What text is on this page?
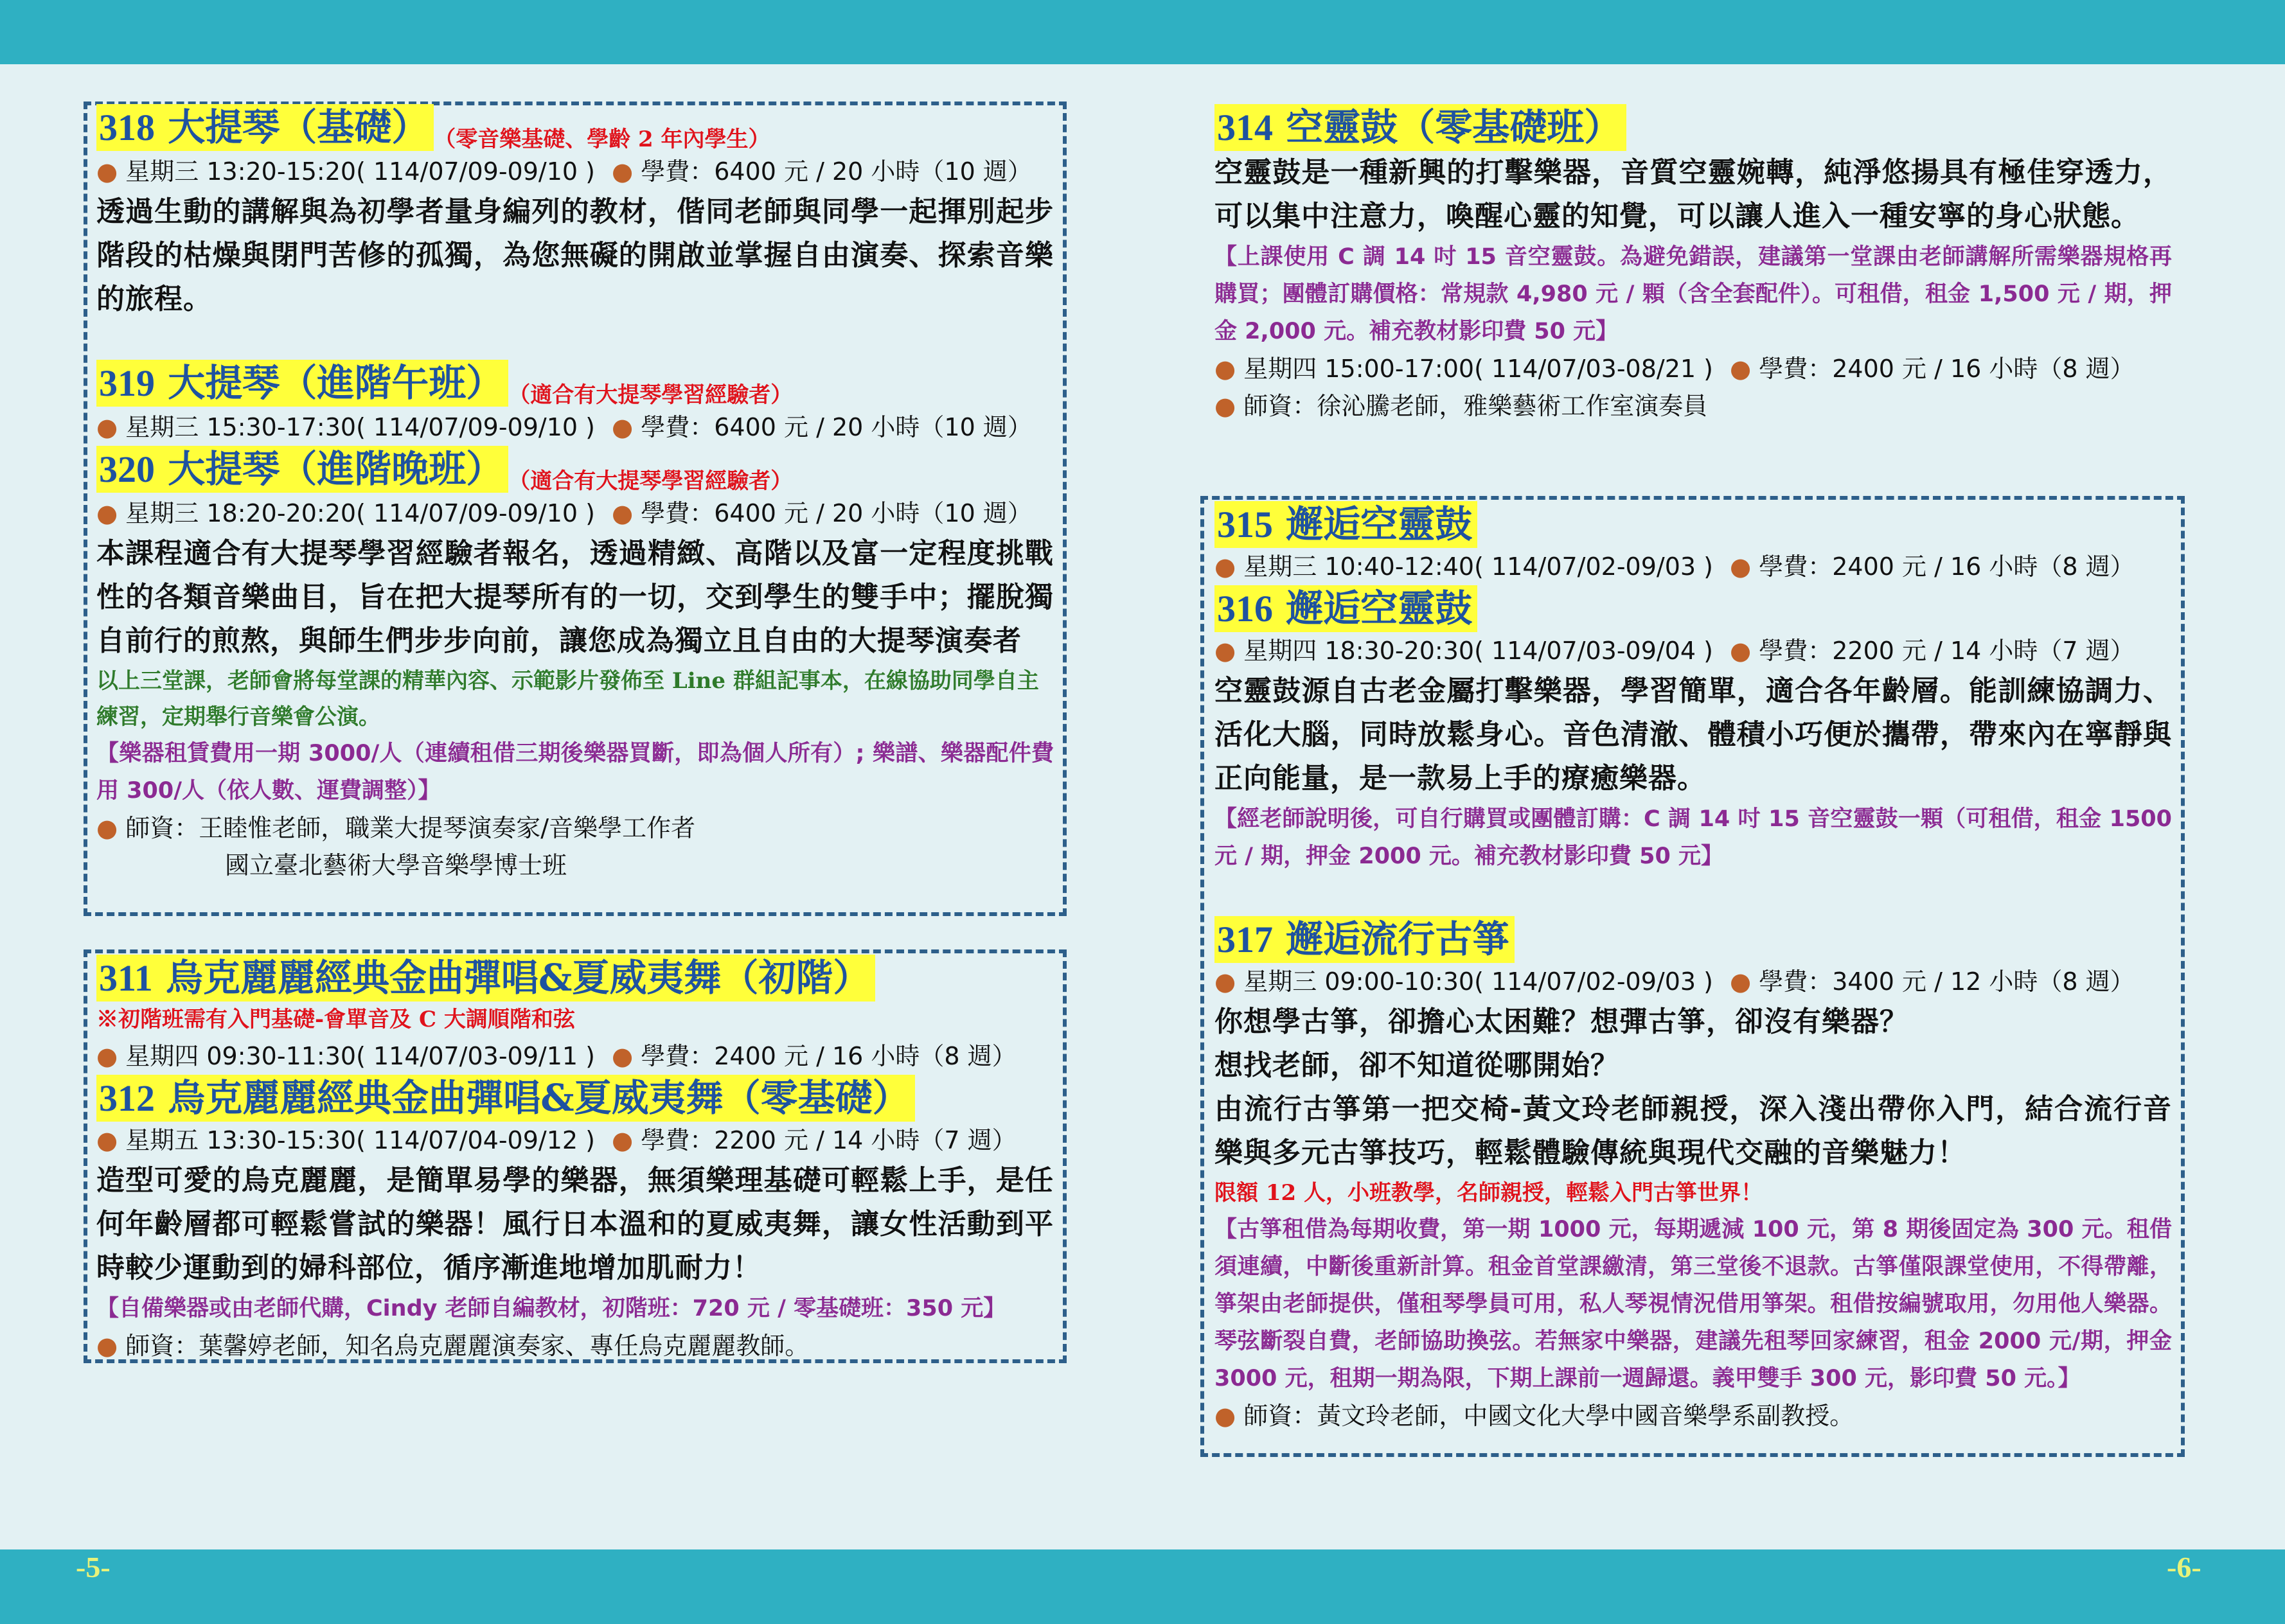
-5-	-6-
318 大提琴（基礎） （零音樂基礎、學齡 2 年內學生）
● 星期三 13:20-15:20( 114/07/09-09/10 ) ● 學費：6400 元 / 20 小時（10 週）
透過生動的講解與為初學者量身編列的教材，偕同老師與同學一起揮別起步階段的枯燥與閉門苦修的孤獨，為您無礙的開啟並掌握自由演奏、探索音樂的旅程。
319 大提琴（進階午班） （適合有大提琴學習經驗者）
● 星期三 15:30-17:30( 114/07/09-09/10 ) ● 學費：6400 元 / 20 小時（10 週）
320 大提琴（進階晚班） （適合有大提琴學習經驗者）
● 星期三 18:20-20:20( 114/07/09-09/10 ) ● 學費：6400 元 / 20 小時（10 週）
本課程適合有大提琴學習經驗者報名，透過精緻、高階以及富一定程度挑戰性的各類音樂曲目，旨在把大提琴所有的一切，交到學生的雙手中；擺脫獨自前行的煎熬，與師生們步步向前，讓您成為獨立且自由的大提琴演奏者
以上三堂課，老師會將每堂課的精華內容、示範影片發佈至 Line 群組記事本，在線協助同學自主練習，定期舉行音樂會公演。
【樂器租賃費用一期 3000/人（連續租借三期後樂器買斷，即為個人所有）; 樂譜、樂器配件費用 300/人（依人數、運費調整）】
● 師資：王睦惟老師，職業大提琴演奏家/音樂學工作者
國立臺北藝術大學音樂學博士班
311 烏克麗麗經典金曲彈唱&夏威夷舞（初階）
※初階班需有入門基礎-會單音及 C 大調順階和弦
● 星期四 09:30-11:30( 114/07/03-09/11 ) ● 學費：2400 元 / 16 小時（8 週）
312 烏克麗麗經典金曲彈唱&夏威夷舞（零基礎）
● 星期五 13:30-15:30( 114/07/04-09/12 ) ● 學費：2200 元 / 14 小時（7 週）
造型可愛的烏克麗麗，是簡單易學的樂器，無須樂理基礎可輕鬆上手，是任何年齡層都可輕鬆嘗試的樂器！風行日本溫和的夏威夷舞，讓女性活動到平時較少運動到的婦科部位，循序漸進地增加肌耐力！
【自備樂器或由老師代購，Cindy 老師自編教材，初階班：720 元 / 零基礎班：350 元】
● 師資：葉馨婷老師，知名烏克麗麗演奏家、專任烏克麗麗教師。
314 空靈鼓（零基礎班）
空靈鼓是一種新興的打擊樂器，音質空靈婉轉，純淨悠揚具有極佳穿透力，可以集中注意力，喚醒心靈的知覺，可以讓人進入一種安寧的身心狀態。
【上課使用 C 調 14 吋 15 音空靈鼓。為避免錯誤，建議第一堂課由老師講解所需樂器規格再購買；團體訂購價格：常規款 4,980 元 / 顆（含全套配件）。可租借，租金 1,500 元 / 期，押金 2,000 元。補充教材影印費 50 元】
● 星期四 15:00-17:00( 114/07/03-08/21 ) ● 學費：2400 元 / 16 小時（8 週）
● 師資：徐沁騰老師，雅樂藝術工作室演奏員
315 邂逅空靈鼓
● 星期三 10:40-12:40( 114/07/02-09/03 ) ● 學費：2400 元 / 16 小時（8 週）
316 邂逅空靈鼓
● 星期四 18:30-20:30( 114/07/03-09/04 ) ● 學費：2200 元 / 14 小時（7 週）
空靈鼓源自古老金屬打擊樂器，學習簡單，適合各年齡層。能訓練協調力、活化大腦，同時放鬆身心。音色清澈、體積小巧便於攜帶，帶來內在寧靜與正向能量，是一款易上手的療癒樂器。
【經老師說明後，可自行購買或團體訂購：C 調 14 吋 15 音空靈鼓一顆（可租借，租金 1500 元 / 期，押金 2000 元。補充教材影印費 50 元】
317 邂逅流行古箏
● 星期三 09:00-10:30( 114/07/02-09/03 ) ● 學費：3400 元 / 12 小時（8 週）
你想學古箏，卻擔心太困難？想彈古箏，卻沒有樂器？
想找老師，卻不知道從哪開始？
由流行古箏第一把交椅-黃文玲老師親授，深入淺出帶你入門，結合流行音樂與多元古箏技巧，輕鬆體驗傳統與現代交融的音樂魅力！
限額 12 人，小班教學，名師親授，輕鬆入門古箏世界！
【古箏租借為每期收費，第一期 1000 元，每期遞減 100 元，第 8 期後固定為 300 元。租借須連續，中斷後重新計算。租金首堂課繳清，第三堂後不退款。古箏僅限課堂使用，不得帶離，箏架由老師提供，僅租琴學員可用，私人琴視情況借用箏架。租借按編號取用，勿用他人樂器。琴弦斷裂自費，老師協助換弦。若無家中樂器，建議先租琴回家練習，租金 2000 元/期，押金 3000 元，租期一期為限，下期上課前一週歸還。義甲雙手 300 元，影印費 50 元。】
● 師資：黃文玲老師，中國文化大學中國音樂學系副教授。
